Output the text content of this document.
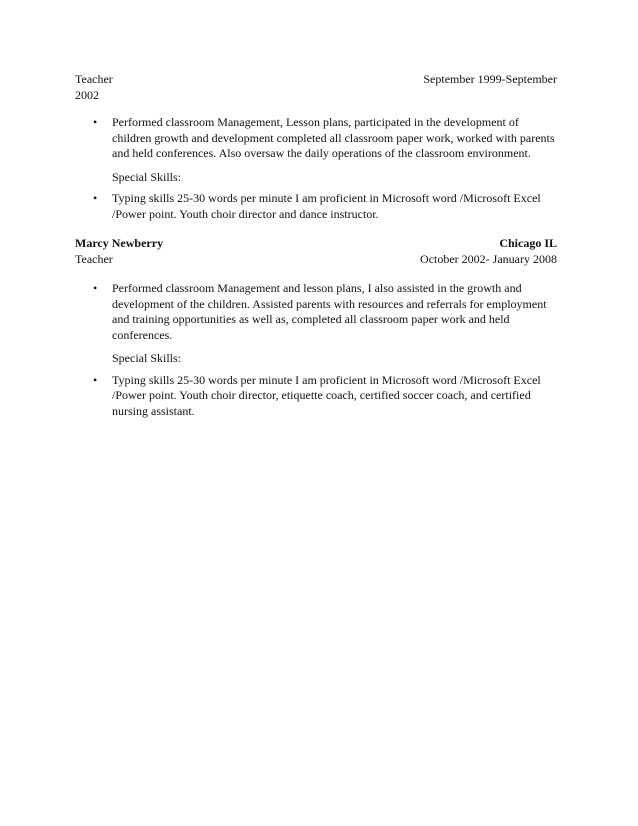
Teacher	September 1999-September
2002
• Performed classroom Management, Lesson plans, participated in the development of children growth and development completed all classroom paper work, worked with parents and held conferences. Also oversaw the daily operations of the classroom environment.
Special Skills:
• Typing skills 25-30 words per minute I am proficient in Microsoft word /Microsoft Excel /Power point. Youth choir director and dance instructor.
Marcy Newberry	Chicago IL
Teacher	October 2002- January 2008
• Performed classroom Management and lesson plans, I also assisted in the growth and development of the children. Assisted parents with resources and referrals for employment and training opportunities as well as, completed all classroom paper work and held conferences.
Special Skills:
• Typing skills 25-30 words per minute I am proficient in Microsoft word /Microsoft Excel /Power point. Youth choir director, etiquette coach, certified soccer coach, and certified nursing assistant.
